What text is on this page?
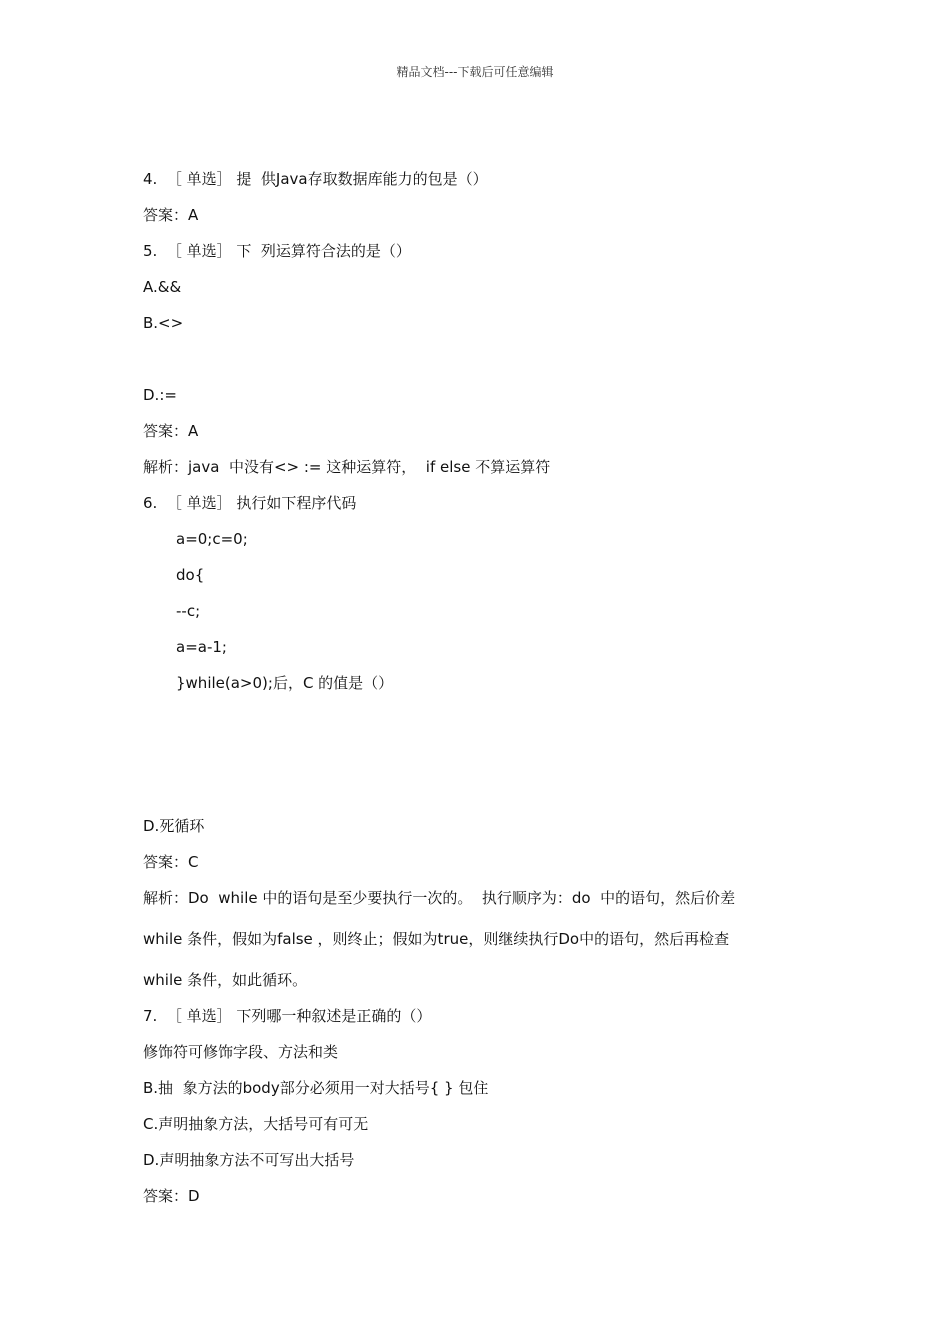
精品文档---下载后可任意编辑
4.  ［ 单选］ 提  供Java存取数据库能力的包是（）
答案：A
5.  ［ 单选］ 下  列运算符合法的是（）
A.&&
B.<>
D.:=
答案：A
解析：java  中没有<> := 这种运算符，  if else 不算运算符
6.  ［ 单选］ 执行如下程序代码
a=0;c=0;
do{
--c;
a=a-1;
}while(a>0);后，C 的值是（）
D.死循环
答案：C
解析：Do  while 中的语句是至少要执行一次的。  执行顺序为：do  中的语句，然后价差
while 条件，假如为false ，则终止；假如为true，则继续执行Do中的语句，然后再检查
while 条件，如此循环。
7.  ［ 单选］ 下列哪一种叙述是正确的（）
修饰符可修饰字段、方法和类
B.抽  象方法的body部分必须用一对大括号{ } 包住
C.声明抽象方法，大括号可有可无
D.声明抽象方法不可写出大括号
答案：D
